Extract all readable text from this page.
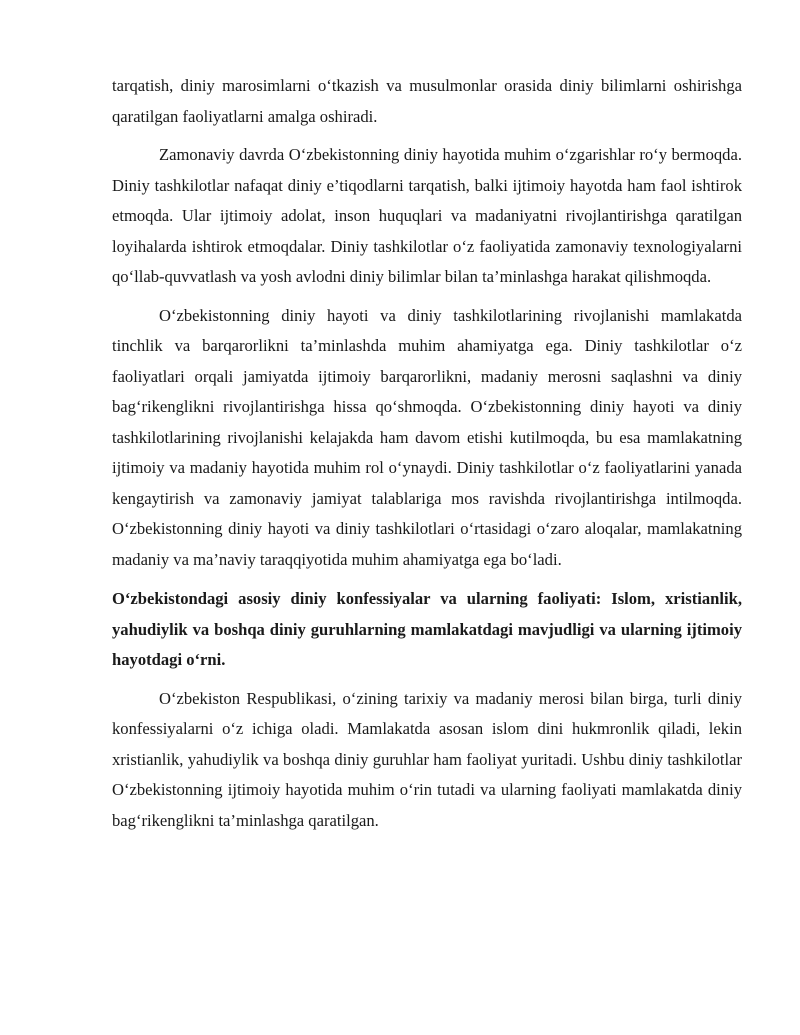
tarqatish, diniy marosimlarni o‘tkazish va musulmonlar orasida diniy bilimlarni oshirishga qaratilgan faoliyatlarni amalga oshiradi.

Zamonaviy davrda O‘zbekistonning diniy hayotida muhim o‘zgarishlar ro‘y bermoqda. Diniy tashkilotlar nafaqat diniy e’tiqodlarni tarqatish, balki ijtimoiy hayotda ham faol ishtirok etmoqda. Ular ijtimoiy adolat, inson huquqlari va madaniyatni rivojlantirishga qaratilgan loyihalarda ishtirok etmoqdalar. Diniy tashkilotlar o‘z faoliyatida zamonaviy texnologiyalarni qo‘llab-quvvatlash va yosh avlodni diniy bilimlar bilan ta’minlashga harakat qilishmoqda.

O‘zbekistonning diniy hayoti va diniy tashkilotlarining rivojlanishi mamlakatda tinchlik va barqarorlikni ta’minlashda muhim ahamiyatga ega. Diniy tashkilotlar o‘z faoliyatlari orqali jamiyatda ijtimoiy barqarorlikni, madaniy merosni saqlashni va diniy bag‘rikenglikni rivojlantirishga hissa qo‘shmoqda. O‘zbekistonning diniy hayoti va diniy tashkilotlarining rivojlanishi kelajakda ham davom etishi kutilmoqda, bu esa mamlakatning ijtimoiy va madaniy hayotida muhim rol o‘ynaydi. Diniy tashkilotlar o‘z faoliyatlarini yanada kengaytirish va zamonaviy jamiyat talablariga mos ravishda rivojlantirishga intilmoqda. O‘zbekistonning diniy hayoti va diniy tashkilotlari o‘rtasidagi o‘zaro aloqalar, mamlakatning madaniy va ma’naviy taraqqiyotida muhim ahamiyatga ega bo‘ladi.

O‘zbekistondagi asosiy diniy konfessiyalar va ularning faoliyati: Islom, xristianlik, yahudiylik va boshqa diniy guruhlarning mamlakatdagi mavjudligi va ularning ijtimoiy hayotdagi o‘rni.

O‘zbekiston Respublikasi, o‘zining tarixiy va madaniy merosi bilan birga, turli diniy konfessiyalarni o‘z ichiga oladi. Mamlakatda asosan islom dini hukmronlik qiladi, lekin xristianlik, yahudiylik va boshqa diniy guruhlar ham faoliyat yuritadi. Ushbu diniy tashkilotlar O‘zbekistonning ijtimoiy hayotida muhim o‘rin tutadi va ularning faoliyati mamlakatda diniy bag‘rikenglikni ta’minlashga qaratilgan.
